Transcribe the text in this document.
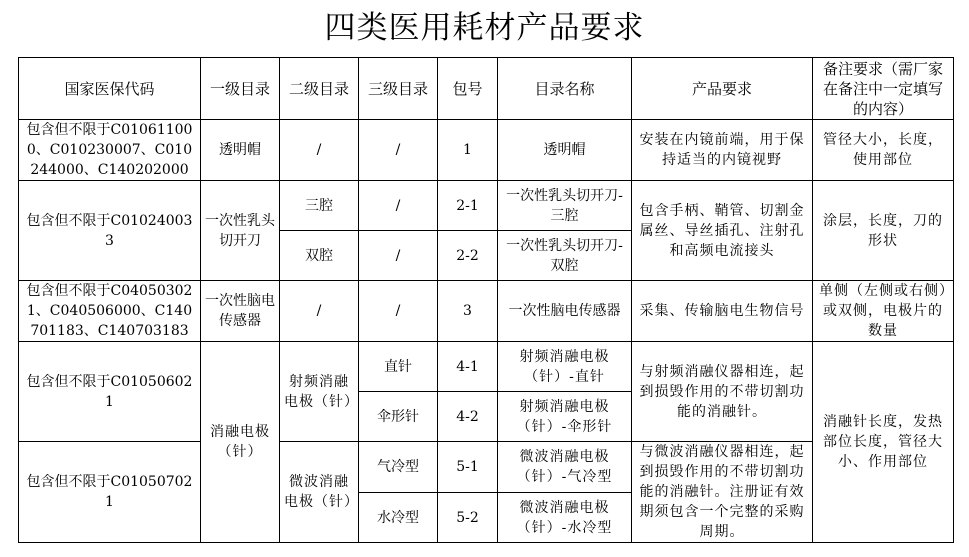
四类医用耗材产品要求
国家医保代码	一级目录	二级目录	三级目录	包号	目录名称	产品要求	备注要求（需厂家在备注中一定填写的内容）
包含但不限于C010611000、C010230007、C010244000、C140202000	透明帽	/	/	1	透明帽	安装在内镜前端，用于保持适当的内镜视野	管径大小，长度，使用部位
包含但不限于C010240033	一次性乳头切开刀	三腔	/	2-1	一次性乳头切开刀-三腔	包含手柄、鞘管、切割金属丝、导丝插孔、注射孔和高频电流接头	涂层，长度，刀的形状
		双腔	/	2-2	一次性乳头切开刀-双腔		
包含但不限于C040503021、C040506000、C140701183、C140703183	一次性脑电传感器	/	/	3	一次性脑电传感器	采集、传输脑电生物信号	单侧（左侧或右侧）或双侧，电极片的数量
包含但不限于C010506021	消融电极（针）	射频消融电极（针）	直针	4-1	射频消融电极（针）-直针	与射频消融仪器相连，起到损毁作用的不带切割功能的消融针。	消融针长度，发热部位长度，管径大小、作用部位
			伞形针	4-2	射频消融电极（针）-伞形针		
包含但不限于C010507021		微波消融电极（针）	气冷型	5-1	微波消融电极（针）-气冷型	与微波消融仪器相连，起到损毁作用的不带切割功能的消融针。注册证有效期须包含一个完整的采购周期。	
			水冷型	5-2	微波消融电极（针）-水冷型		
